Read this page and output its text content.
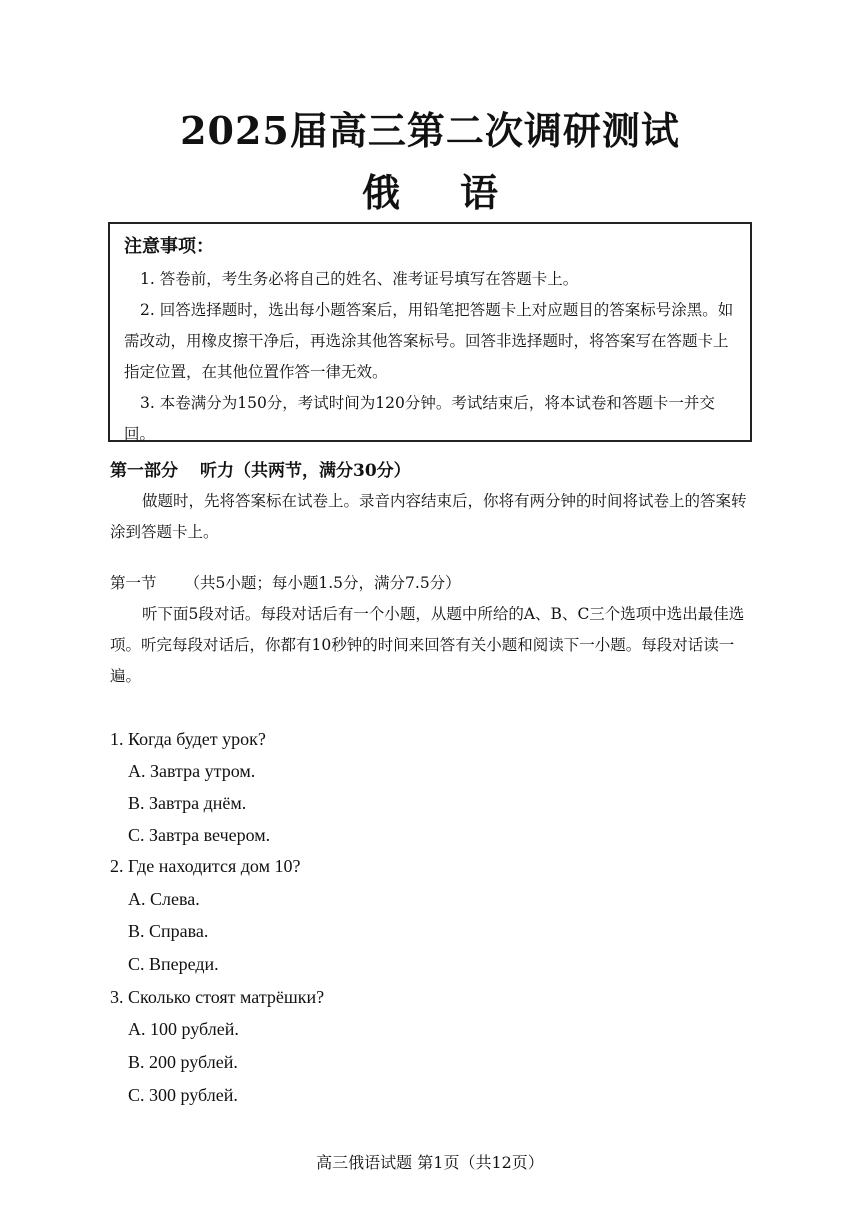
2025届高三第二次调研测试
俄语
注意事项：

1. 答卷前，考生务必将自己的姓名、准考证号填写在答题卡上。

2. 回答选择题时，选出每小题答案后，用铅笔把答题卡上对应题目的答案标号涂黑。如需改动，用橡皮擦干净后，再选涂其他答案标号。回答非选择题时，将答案写在答题卡上指定位置，在其他位置作答一律无效。

3. 本卷满分为150分，考试时间为120分钟。考试结束后，将本试卷和答题卡一并交回。

第一部分 听力（共两节，满分30分）

做题时，先将答案标在试卷上。录音内容结束后，你将有两分钟的时间将试卷上的答案转涂到答题卡上。

第一节 （共5小题；每小题1.5分，满分7.5分）

听下面5段对话。每段对话后有一个小题，从题中所给的A、B、C三个选项中选出最佳选项。听完每段对话后，你都有10秒钟的时间来回答有关小题和阅读下一小题。每段对话读一遍。

1. Когда будет урок?
A. Завтра утром.
B. Завтра днём.
C. Завтра вечером.
2. Где находится дом 10?
A. Слева.
B. Справа.
C. Впереди.
3. Сколько стоят матрёшки?
A. 100 рублей.
B. 200 рублей.
C. 300 рублей.
高三俄语试题 第1页（共12页）
